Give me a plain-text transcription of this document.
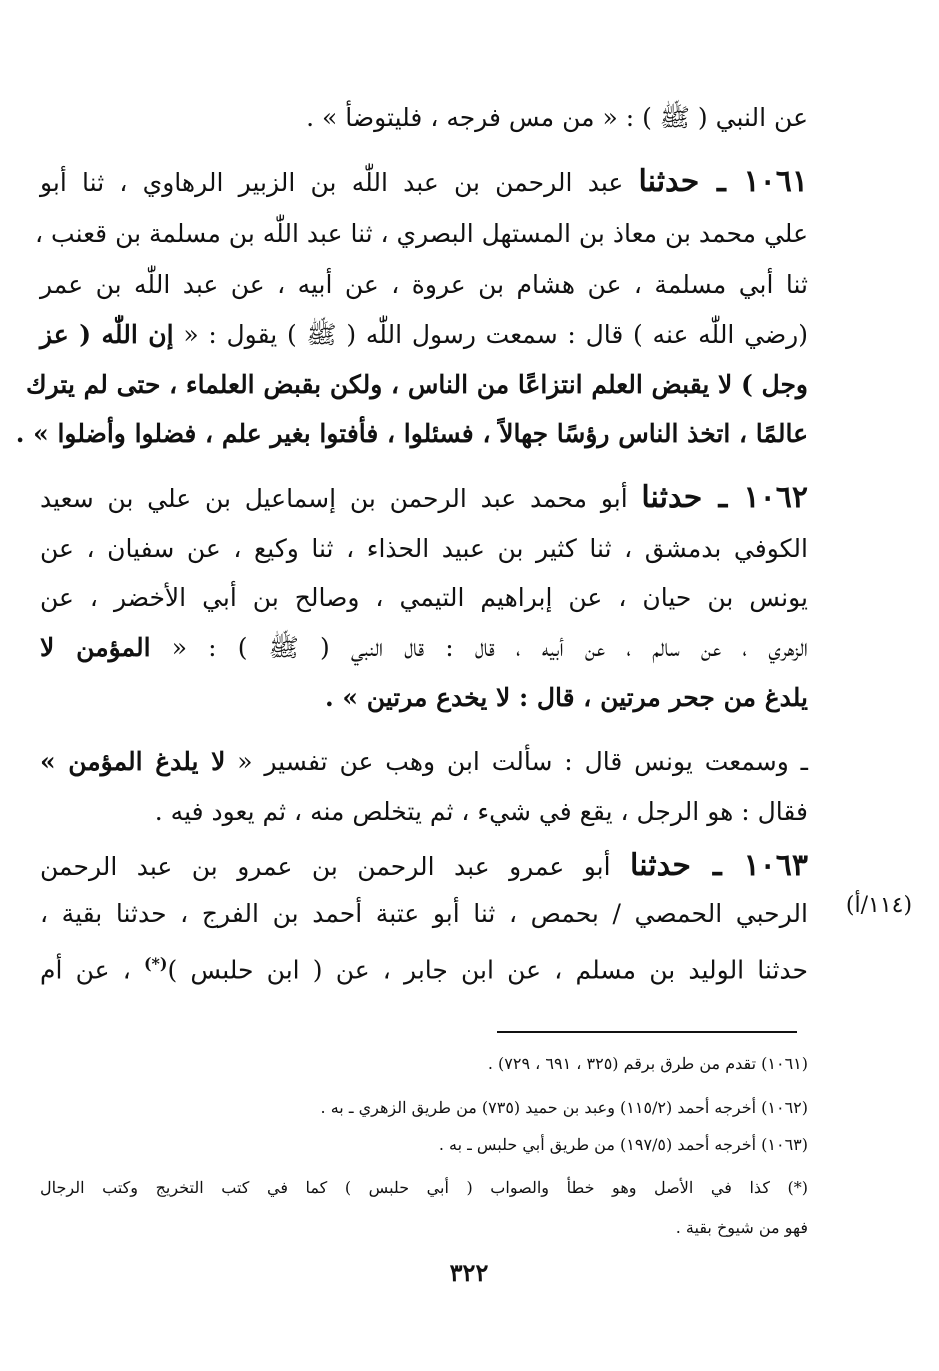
عن النبي ( ﷺ ) : « من مس فرجه ، فليتوضأ » .
١٠٦١ ـ حدثنا عبد الرحمن بن عبد اللّٰه بن الزبير الرهاوي ، ثنا أبو
علي محمد بن معاذ بن المستهل البصري ، ثنا عبد اللّٰه بن مسلمة بن قعنب ،
ثنا أبي مسلمة ، عن هشام بن عروة ، عن أبيه ، عن عبد اللّٰه بن عمر
(رضي اللّٰه عنه ) قال : سمعت رسول اللّٰه ( ﷺ ) يقول : « إن اللّٰه ( عز
وجل ) لا يقبض العلم انتزاعًا من الناس ، ولكن بقبض العلماء ، حتى لم يترك
عالمًا ، اتخذ الناس رؤسًا جهالاً ، فسئلوا ، فأفتوا بغير علم ، فضلوا وأضلوا » .
١٠٦٢ ـ حدثنا أبو محمد عبد الرحمن بن إسماعيل بن علي بن سعيد
الكوفي بدمشق ، ثنا كثير بن عبيد الحذاء ، ثنا وكيع ، عن سفيان ، عن
يونس بن حيان ، عن إبراهيم التيمي ، وصالح بن أبي الأخضر ، عن
الزهري ، عن سالم ، عن أبيه ، قال : قال النبي ( ﷺ ) : « المؤمن لا
يلدغ من جحر مرتين ، قال : لا يخدع مرتين » .
ـ وسمعت يونس قال : سألت ابن وهب عن تفسير « لا يلدغ المؤمن »
فقال : هو الرجل ، يقع في شيء ، ثم يتخلص منه ، ثم يعود فيه .
١٠٦٣ ـ حدثنا أبو عمرو عبد الرحمن بن عمرو بن عبد الرحمن
الرحبي الحمصي / بحمص ، ثنا أبو عتبة أحمد بن الفرج ، حدثنا بقية ،
حدثنا الوليد بن مسلم ، عن ابن جابر ، عن ( ابن حلبس )(*) ، عن أم
(١١٤/أ)
(١٠٦١) تقدم من طرق برقم (٣٢٥ ، ٦٩١ ، ٧٢٩) .
(١٠٦٢) أخرجه أحمد (١١٥/٢) وعبد بن حميد (٧٣٥) من طريق الزهري ـ به .
(١٠٦٣) أخرجه أحمد (١٩٧/٥) من طريق أبي حلبس ـ به .
(*) كذا في الأصل وهو خطأ والصواب ( أبي حلبس ) كما في كتب التخريج وكتب الرجال
فهو من شيوخ بقية .
٣٢٢
